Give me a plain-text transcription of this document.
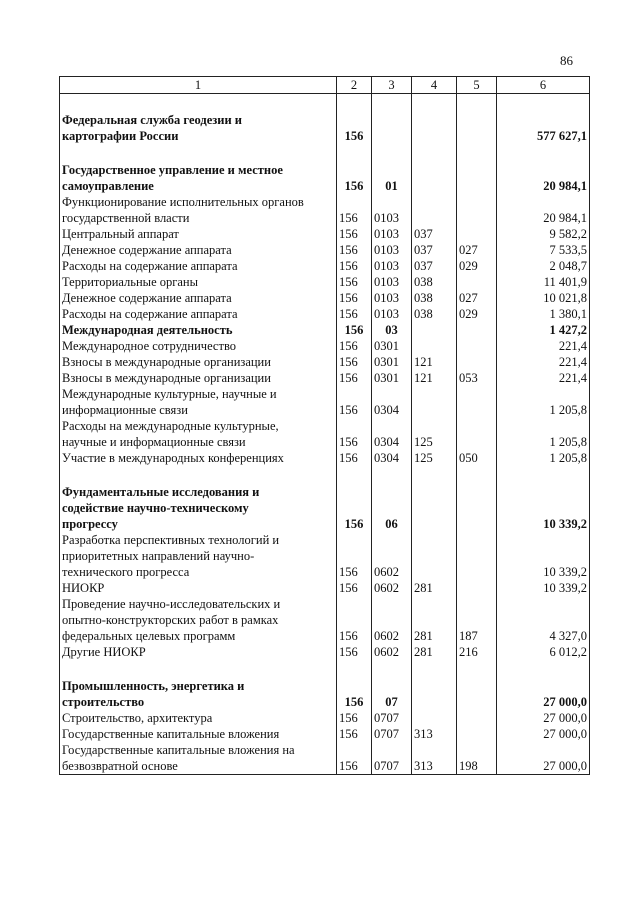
86
1	2	3	4	5	6

Федеральная служба геодезии и
картографии России	156				577 627,1

Государственное управление и местное
самоуправление	156	01			20 984,1

Функционирование исполнительных органов
государственной власти	156	0103			20 984,1

Центральный аппарат	156	0103	037		9 582,2

Денежное содержание аппарата	156	0103	037	027	7 533,5

Расходы на содержание аппарата	156	0103	037	029	2 048,7

Территориальные органы	156	0103	038		11 401,9

Денежное содержание аппарата	156	0103	038	027	10 021,8

Расходы на содержание аппарата	156	0103	038	029	1 380,1

Международная деятельность	156	03			1 427,2

Международное сотрудничество	156	0301			221,4

Взносы в международные организации	156	0301	121		221,4

Взносы в международные организации	156	0301	121	053	221,4

Международные культурные, научные и
информационные связи	156	0304			1 205,8

Расходы на международные культурные,
научные и информационные связи	156	0304	125		1 205,8

Участие в международных конференциях	156	0304	125	050	1 205,8

Фундаментальные исследования и
содействие научно-техническому
прогрессу	156	06			10 339,2

Разработка перспективных технологий и
приоритетных направлений научно-
технического прогресса	156	0602			10 339,2

НИОКР	156	0602	281		10 339,2

Проведение научно-исследовательских и
опытно-конструкторских работ в рамках
федеральных целевых программ	156	0602	281	187	4 327,0

Другие НИОКР	156	0602	281	216	6 012,2

Промышленность, энергетика и
строительство	156	07			27 000,0

Строительство, архитектура	156	0707			27 000,0

Государственные капитальные вложения	156	0707	313		27 000,0

Государственные капитальные вложения на
безвозвратной основе	156	0707	313	198	27 000,0
